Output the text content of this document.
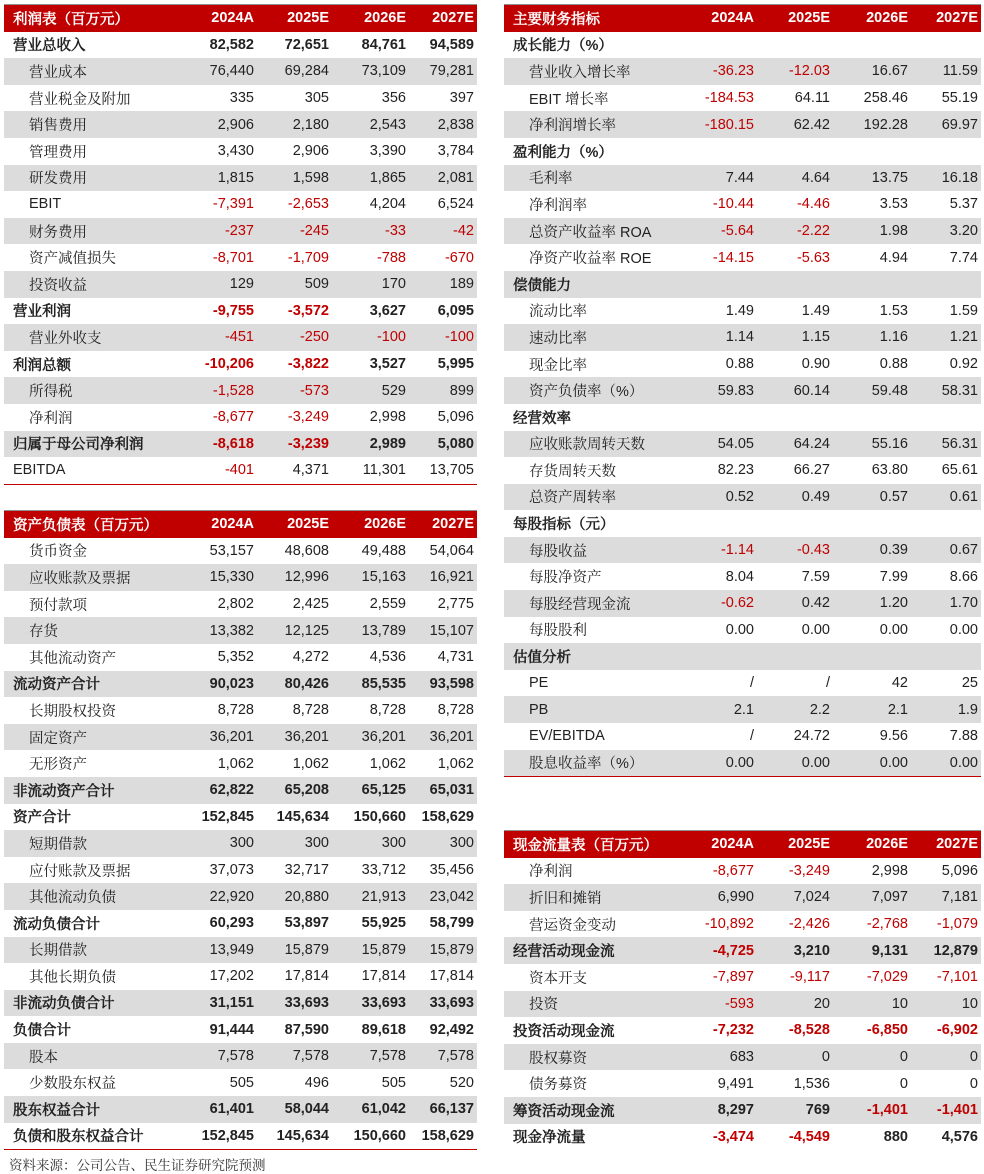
利润表（百万元）	2024A	2025E	2026E	2027E
营业总收入	82,582	72,651	84,761	94,589
营业成本	76,440	69,284	73,109	79,281
营业税金及附加	335	305	356	397
销售费用	2,906	2,180	2,543	2,838
管理费用	3,430	2,906	3,390	3,784
研发费用	1,815	1,598	1,865	2,081
EBIT	-7,391	-2,653	4,204	6,524
财务费用	-237	-245	-33	-42
资产减值损失	-8,701	-1,709	-788	-670
投资收益	129	509	170	189
营业利润	-9,755	-3,572	3,627	6,095
营业外收支	-451	-250	-100	-100
利润总额	-10,206	-3,822	3,527	5,995
所得税	-1,528	-573	529	899
净利润	-8,677	-3,249	2,998	5,096
归属于母公司净利润	-8,618	-3,239	2,989	5,080
EBITDA	-401	4,371	11,301	13,705
资产负债表（百万元）	2024A	2025E	2026E	2027E
货币资金	53,157	48,608	49,488	54,064
应收账款及票据	15,330	12,996	15,163	16,921
预付款项	2,802	2,425	2,559	2,775
存货	13,382	12,125	13,789	15,107
其他流动资产	5,352	4,272	4,536	4,731
流动资产合计	90,023	80,426	85,535	93,598
长期股权投资	8,728	8,728	8,728	8,728
固定资产	36,201	36,201	36,201	36,201
无形资产	1,062	1,062	1,062	1,062
非流动资产合计	62,822	65,208	65,125	65,031
资产合计	152,845	145,634	150,660	158,629
短期借款	300	300	300	300
应付账款及票据	37,073	32,717	33,712	35,456
其他流动负债	22,920	20,880	21,913	23,042
流动负债合计	60,293	53,897	55,925	58,799
长期借款	13,949	15,879	15,879	15,879
其他长期负债	17,202	17,814	17,814	17,814
非流动负债合计	31,151	33,693	33,693	33,693
负债合计	91,444	87,590	89,618	92,492
股本	7,578	7,578	7,578	7,578
少数股东权益	505	496	505	520
股东权益合计	61,401	58,044	61,042	66,137
负债和股东权益合计	152,845	145,634	150,660	158,629
主要财务指标	2024A	2025E	2026E	2027E
成长能力（%）				
营业收入增长率	-36.23	-12.03	16.67	11.59
EBIT 增长率	-184.53	64.11	258.46	55.19
净利润增长率	-180.15	62.42	192.28	69.97
盈利能力（%）				
毛利率	7.44	4.64	13.75	16.18
净利润率	-10.44	-4.46	3.53	5.37
总资产收益率 ROA	-5.64	-2.22	1.98	3.20
净资产收益率 ROE	-14.15	-5.63	4.94	7.74
偿债能力				
流动比率	1.49	1.49	1.53	1.59
速动比率	1.14	1.15	1.16	1.21
现金比率	0.88	0.90	0.88	0.92
资产负债率（%）	59.83	60.14	59.48	58.31
经营效率				
应收账款周转天数	54.05	64.24	55.16	56.31
存货周转天数	82.23	66.27	63.80	65.61
总资产周转率	0.52	0.49	0.57	0.61
每股指标（元）				
每股收益	-1.14	-0.43	0.39	0.67
每股净资产	8.04	7.59	7.99	8.66
每股经营现金流	-0.62	0.42	1.20	1.70
每股股利	0.00	0.00	0.00	0.00
估值分析				
PE	/	/	42	25
PB	2.1	2.2	2.1	1.9
EV/EBITDA	/	24.72	9.56	7.88
股息收益率（%）	0.00	0.00	0.00	0.00
现金流量表（百万元）	2024A	2025E	2026E	2027E
净利润	-8,677	-3,249	2,998	5,096
折旧和摊销	6,990	7,024	7,097	7,181
营运资金变动	-10,892	-2,426	-2,768	-1,079
经营活动现金流	-4,725	3,210	9,131	12,879
资本开支	-7,897	-9,117	-7,029	-7,101
投资	-593	20	10	10
投资活动现金流	-7,232	-8,528	-6,850	-6,902
股权募资	683	0	0	0
债务募资	9,491	1,536	0	0
筹资活动现金流	8,297	769	-1,401	-1,401
现金净流量	-3,474	-4,549	880	4,576
资料来源：公司公告、民生证券研究院预测
